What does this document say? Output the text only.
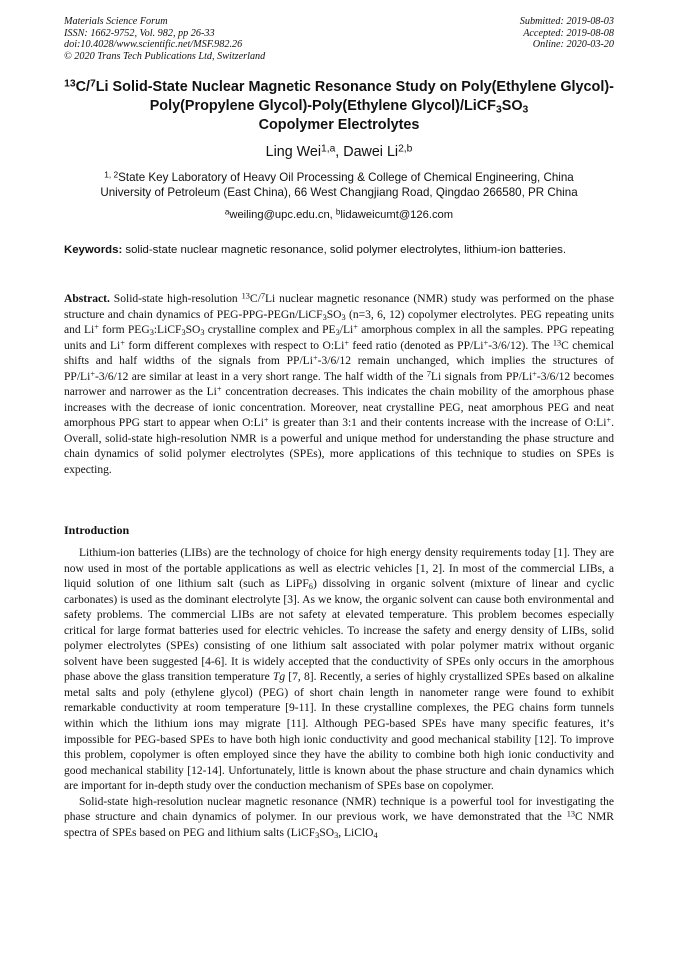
Materials Science Forum
ISSN: 1662-9752, Vol. 982, pp 26-33
doi:10.4028/www.scientific.net/MSF.982.26
© 2020 Trans Tech Publications Ltd, Switzerland
Submitted: 2019-08-03
Accepted: 2019-08-08
Online: 2020-03-20
$^{13}$C/$^7$Li Solid-State Nuclear Magnetic Resonance Study on Poly(Ethylene Glycol)-Poly(Propylene Glycol)-Poly(Ethylene $Glycol)/LiCF_3SO_3$
Copolymer Electrolytes
Ling Wei$^{1,a}$, Dawei Li$^{2,b}$
$^{1, 2}$State Key Laboratory of Heavy Oil Processing & College of Chemical Engineering, China
University of Petroleum (East China), 66 West Changjiang Road, Qingdao 266580, PR China
$^a$weiling@upc.edu.cn, $^b$lidaweicumt@126.com
Keywords: solid-state nuclear magnetic resonance, solid polymer electrolytes, lithium-ion batteries.
Abstract. Solid-state high-resolution $^{13}$C/$^7$Li nuclear magnetic resonance (NMR) study was performed on the phase structure and chain dynamics of PEG-$PPG-PEGn/LiCF_3SO_3$ (n=3, 6, 12) copolymer electrolytes. PEG repeating units and Li+ form $PEG_3:LiCF_3SO_3$ crystalline complex and $PE_3/Li^+$ amorphous complex in all the samples. PPG repeating units and Li+ form different complexes with respect to O:Li+ feed ratio (denoted as PP/Li+-3/6/12). The $^{13}$C chemical shifts and half widths of the signals from PP/Li+-3/6/12 remain unchanged, which implies the structures of PP/Li+-3/6/12 are similar at least in a very short range. The half width of the $^7$Li signals from PP/Li+-3/6/12 becomes narrower and narrower as the Li+ concentration decreases. This indicates the chain mobility of the amorphous phase increases with the decrease of ionic concentration. Moreover, neat crystalline PEG, neat amorphous PEG and neat amorphous PPG start to appear when O:Li+ is greater than 3:1 and their contents increase with the increase of O:Li+. Overall, solid-state high-resolution NMR is a powerful and unique method for understanding the phase structure and chain dynamics of solid polymer electrolytes (SPEs), more applications of this technique to studies on SPEs is expecting.
Introduction

Lithium-ion batteries (LIBs) are the technology of choice for high energy density requirements today [1]. They are now used in most of the portable applications as well as electric vehicles [1, 2]. In most of the commercial LIBs, a liquid solution of one lithium salt (such as LiPF$_6$) dissolving in organic solvent (mixture of linear and cyclic carbonates) is used as the dominant electrolyte [3]. As we know, the organic solvent can cause both environmental and safety problems. The commercial LIBs are not safety at elevated temperature. This problem becomes especially critical for large format batteries used for electric vehicles. To increase the safety and energy density of LIBs, solid polymer electrolytes (SPEs) consisting of one lithium salt associated with polar polymer matrix without organic solvent have been suggested [4-6]. It is widely accepted that the conductivity of SPEs only occurs in the amorphous phase above the glass transition temperature Tg [7, 8]. Recently, a series of highly crystallized SPEs based on alkaline metal salts and poly (ethylene glycol) (PEG) of short chain length in nanometer range were found to exhibit remarkable conductivity at room temperature [9-11]. In these crystalline complexes, the PEG chains form tunnels within which the lithium ions may migrate [11]. Although PEG-based SPEs have many specific features, it’s impossible for PEG-based SPEs to have both high ionic conductivity and good mechanical stability [12]. To improve this problem, copolymer is often employed since they have the ability to combine both high ionic conductivity and good mechanical stability [12-14]. Unfortunately, little is known about the phase structure and chain dynamics which are important for in-depth study over the conduction mechanism of SPEs base on copolymer.

Solid-state high-resolution nuclear magnetic resonance (NMR) technique is a powerful tool for investigating the phase structure and chain dynamics of polymer. In our previous work, we have demonstrated that the $^{13}$C NMR spectra of SPEs based on PEG and lithium salts ($LiCF_3SO_3$, LiClO$_4$
